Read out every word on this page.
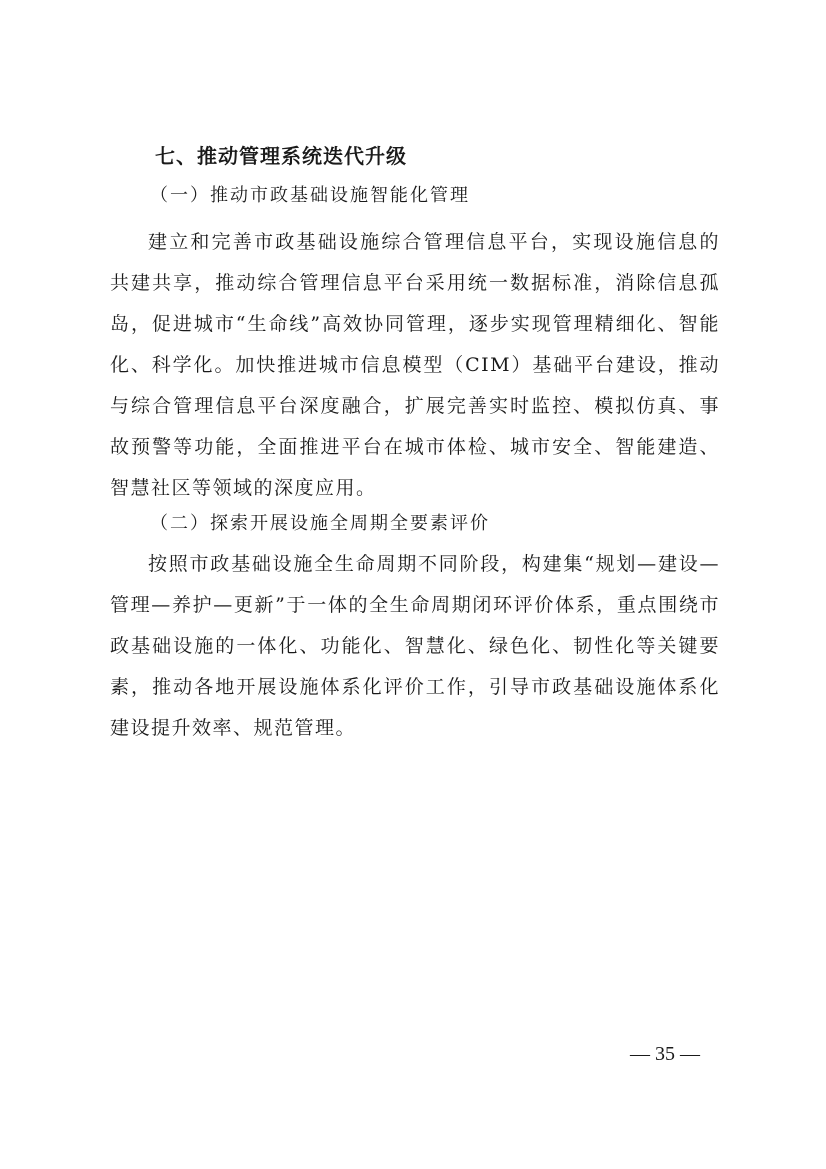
七、推动管理系统迭代升级
（一）推动市政基础设施智能化管理

建立和完善市政基础设施综合管理信息平台，实现设施信息的共建共享，推动综合管理信息平台采用统一数据标准，消除信息孤岛，促进城市“生命线”高效协同管理，逐步实现管理精细化、智能化、科学化。加快推进城市信息模型（CIM）基础平台建设，推动与综合管理信息平台深度融合，扩展完善实时监控、模拟仿真、事故预警等功能，全面推进平台在城市体检、城市安全、智能建造、智慧社区等领域的深度应用。

（二）探索开展设施全周期全要素评价

按照市政基础设施全生命周期不同阶段，构建集“规划—建设—管理—养护—更新”于一体的全生命周期闭环评价体系，重点围绕市政基础设施的一体化、功能化、智慧化、绿色化、韧性化等关键要素，推动各地开展设施体系化评价工作，引导市政基础设施体系化建设提升效率、规范管理。

— 35 —
